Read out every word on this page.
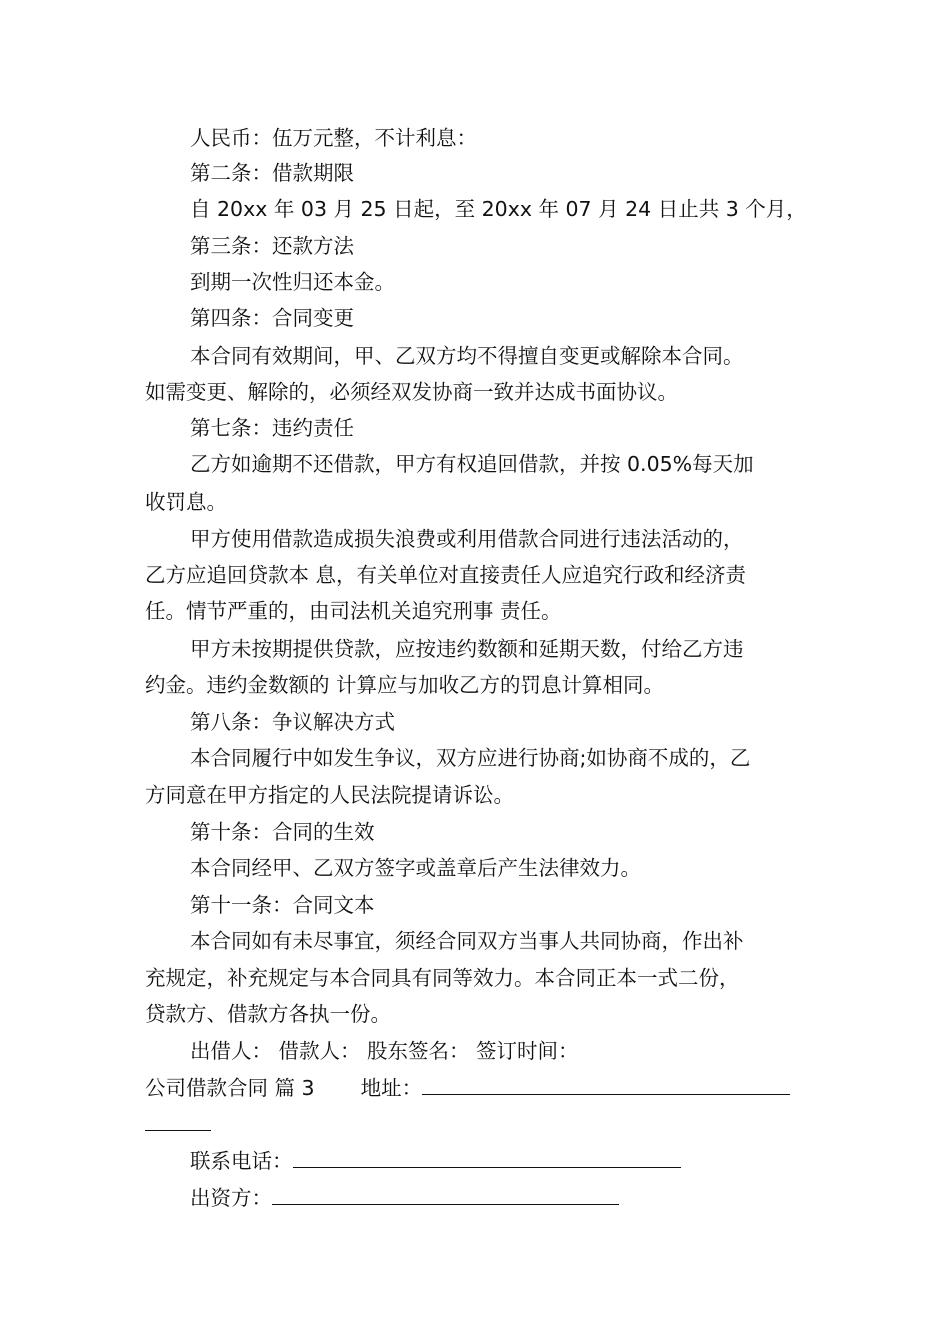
人民币：伍万元整，不计利息：
第二条：借款期限
自 20xx 年 03 月 25 日起，至 20xx 年 07 月 24 日止共 3 个月，
第三条：还款方法
到期一次性归还本金。
第四条：合同变更
本合同有效期间，甲、乙双方均不得擅自变更或解除本合同。
如需变更、解除的，必须经双发协商一致并达成书面协议。
第七条：违约责任
乙方如逾期不还借款，甲方有权追回借款，并按 0.05%每天加
收罚息。
甲方使用借款造成损失浪费或利用借款合同进行违法活动的，
乙方应追回贷款本 息，有关单位对直接责任人应追究行政和经济责
任。情节严重的，由司法机关追究刑事 责任。
甲方未按期提供贷款，应按违约数额和延期天数，付给乙方违
约金。违约金数额的 计算应与加收乙方的罚息计算相同。
第八条：争议解决方式
本合同履行中如发生争议，双方应进行协商;如协商不成的，乙
方同意在甲方指定的人民法院提请诉讼。
第十条：合同的生效
本合同经甲、乙双方签字或盖章后产生法律效力。
第十一条：合同文本
本合同如有未尽事宜，须经合同双方当事人共同协商，作出补
充规定，补充规定与本合同具有同等效力。本合同正本一式二份，
贷款方、借款方各执一份。
出借人： 借款人： 股东签名： 签订时间：
公司借款合同 篇 3 地址：
联系电话：
出资方：
